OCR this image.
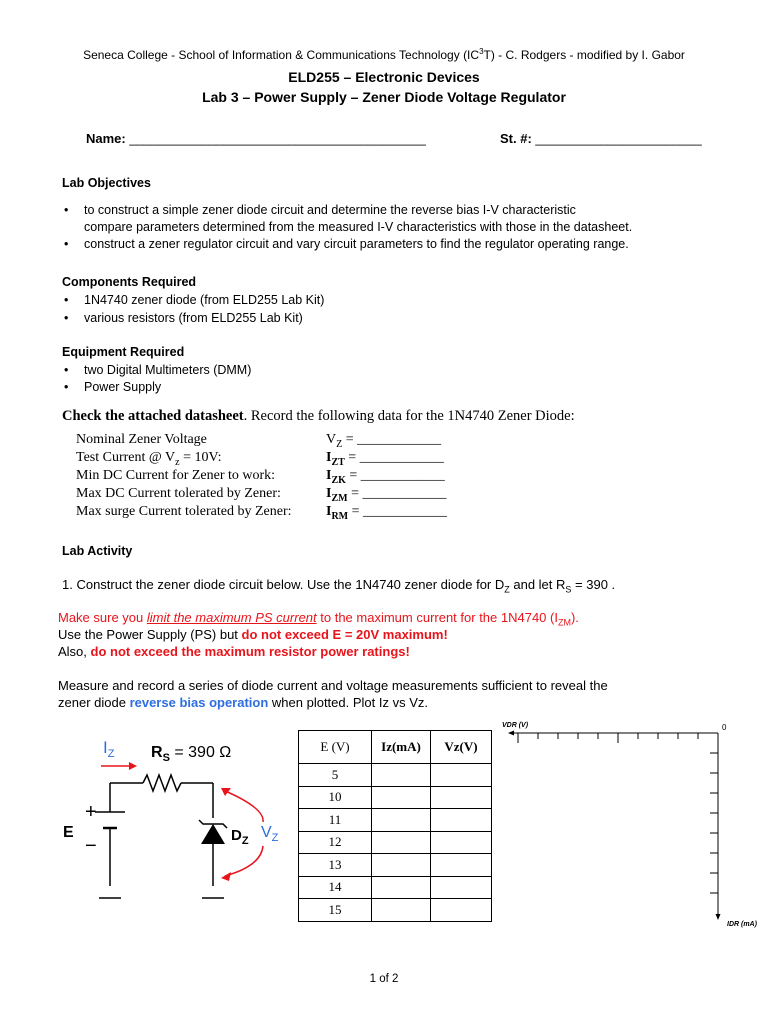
Seneca College - School of Information & Communications Technology $(IC^3T)$ - C. Rodgers - modified by I. Gabor
ELD255 – Electronic Devices
Lab 3 – Power Supply – Zener Diode Voltage Regulator
Name: _________________________________________	St. #: _______________________
Lab Objectives
• to construct a simple zener diode circuit and determine the reverse bias I-V characteristic
compare parameters determined from the measured I-V characteristics with those in the datasheet.
• construct a zener regulator circuit and vary circuit parameters to find the regulator operating range.
Components Required
• 1N4740 zener diode (from ELD255 Lab Kit)
• various resistors (from ELD255 Lab Kit)
Equipment Required
• two Digital Multimeters (DMM)
• Power Supply
Check the attached datasheet. Record the following data for the 1N4740 Zener Diode:
Nominal Zener Voltage	$V_Z$ = ____________
Test Current @ $V_z = 10V$:	$I_{ZT}$ = ____________
Min DC Current for Zener to work:	$I_{ZK}$ = ____________
Max DC Current tolerated by Zener:	$I_{ZM}$ = ____________
Max surge Current tolerated by Zener: $I_{RM}$ = ____________
Lab Activity
1. Construct the zener diode circuit below. Use the 1N4740 zener diode for $D_Z$ and let $R_S = 390$ .
Make sure you limit the maximum PS current to the maximum current for the 1N4740 $(I_{ZM})$.
Use the Power Supply (PS) but do not exceed E = 20V maximum!
Also, do not exceed the maximum resistor power ratings!
Measure and record a series of diode current and voltage measurements sufficient to reveal the
zener diode reverse bias operation when plotted. Plot Iz vs Vz.
$I_Z$ $R_S = 390$ Ω
+
−
E	$D_Z$ $V_Z$
E (V)	Iz(mA)	Vz(V)
5		
10		
11		
12		
13		
14		
15		
VDR (V)	0
IDR (mA)
1 of 2
